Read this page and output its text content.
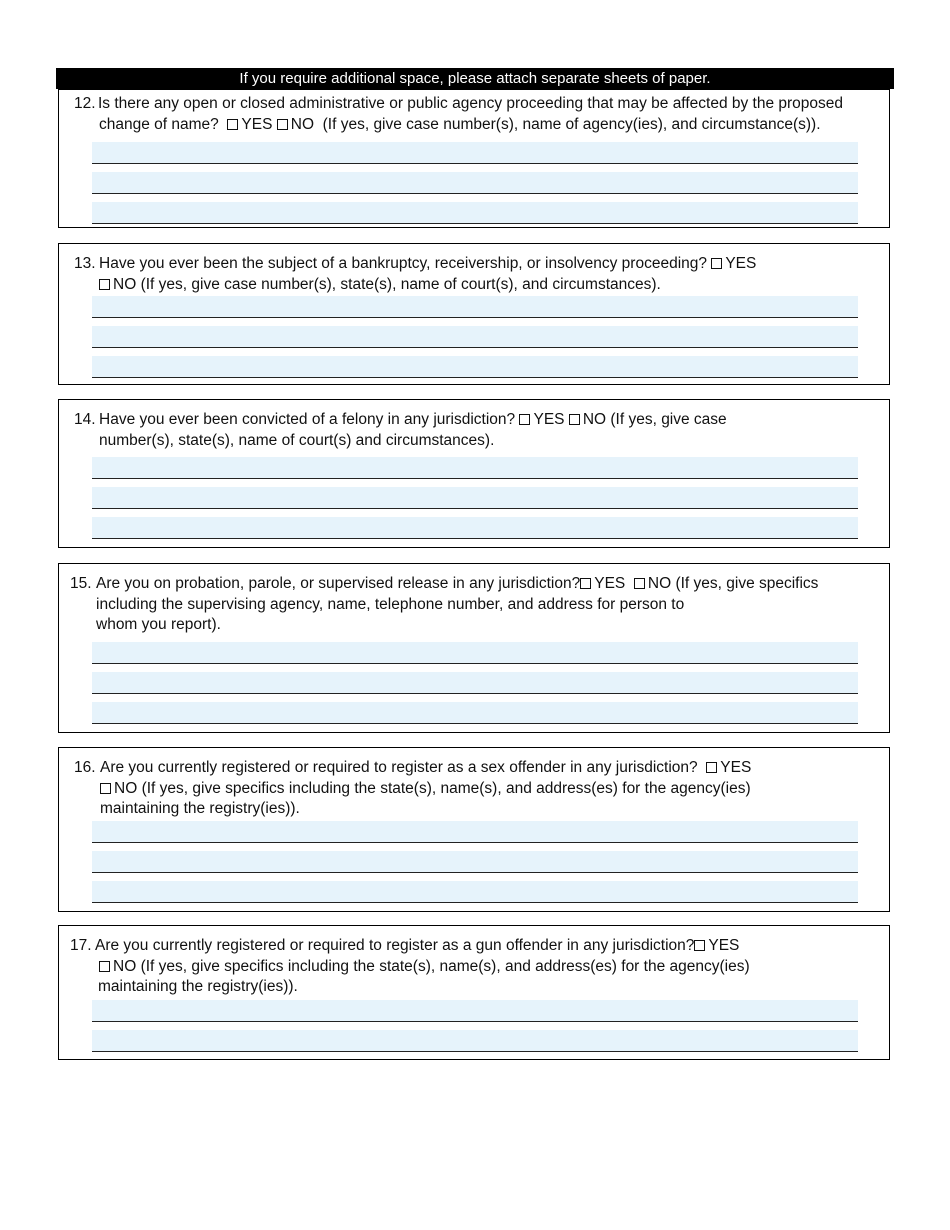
If you require additional space, please attach separate sheets of paper.
12. Is there any open or closed administrative or public agency proceeding that may be affected by the proposed
change of name? YES NO (If yes, give case number(s), name of agency(ies), and circumstance(s)).
13. Have you ever been the subject of a bankruptcy, receivership, or insolvency proceeding? YES
NO (If yes, give case number(s), state(s), name of court(s), and circumstances).
14. Have you ever been convicted of a felony in any jurisdiction? YES NO (If yes, give case
number(s), state(s), name of court(s) and circumstances).
15. Are you on probation, parole, or supervised release in any jurisdiction? YES NO (If yes, give specifics
including the supervising agency, name, telephone number, and address for person to
whom you report).
16. Are you currently registered or required to register as a sex offender in any jurisdiction? YES
NO (If yes, give specifics including the state(s), name(s), and address(es) for the agency(ies)
maintaining the registry(ies)).
17. Are you currently registered or required to register as a gun offender in any jurisdiction? YES
NO (If yes, give specifics including the state(s), name(s), and address(es) for the agency(ies)
maintaining the registry(ies)).
